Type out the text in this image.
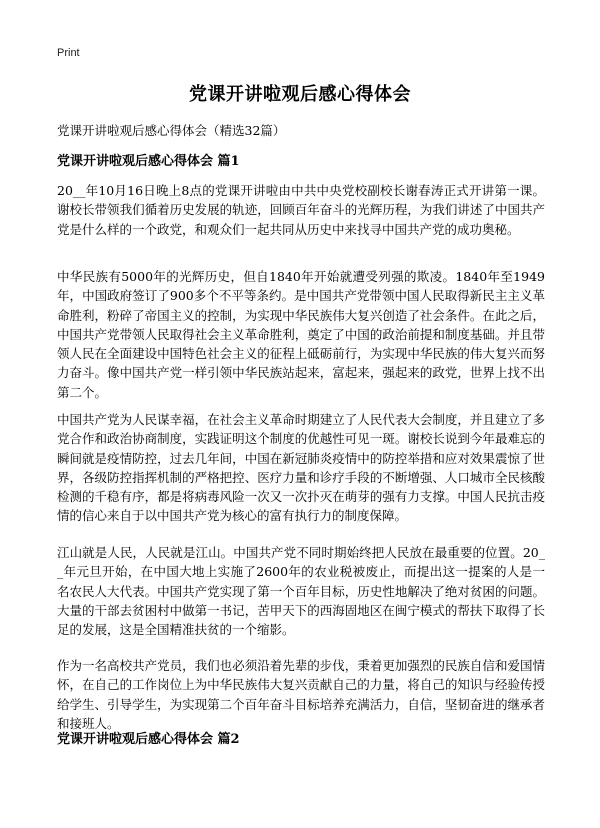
Print
党课开讲啦观后感心得体会
党课开讲啦观后感心得体会（精选32篇）
党课开讲啦观后感心得体会 篇1
20__年10月16日晚上8点的党课开讲啦由中共中央党校副校长谢春涛正式开讲第一课。谢校长带领我们循着历史发展的轨迹，回顾百年奋斗的光辉历程，为我们讲述了中国共产党是什么样的一个政党，和观众们一起共同从历史中来找寻中国共产党的成功奥秘。
中华民族有5000年的光辉历史，但自1840年开始就遭受列强的欺凌。1840年至1949年，中国政府签订了900多个不平等条约。是中国共产党带领中国人民取得新民主主义革命胜利，粉碎了帝国主义的控制，为实现中华民族伟大复兴创造了社会条件。在此之后，中国共产党带领人民取得社会主义革命胜利，奠定了中国的政治前提和制度基础。并且带领人民在全面建设中国特色社会主义的征程上砥砺前行，为实现中华民族的伟大复兴而努力奋斗。像中国共产党一样引领中华民族站起来，富起来，强起来的政党，世界上找不出第二个。
中国共产党为人民谋幸福，在社会主义革命时期建立了人民代表大会制度，并且建立了多党合作和政治协商制度，实践证明这个制度的优越性可见一斑。谢校长说到今年最难忘的瞬间就是疫情防控，过去几年间，中国在新冠肺炎疫情中的防控举措和应对效果震惊了世界，各级防控指挥机制的严格把控、医疗力量和诊疗手段的不断增强、人口城市全民核酸检测的千稳有序，都是将病毒风险一次又一次扑灭在萌芽的强有力支撑。中国人民抗击疫情的信心来自于以中国共产党为核心的富有执行力的制度保障。
江山就是人民，人民就是江山。中国共产党不同时期始终把人民放在最重要的位置。20__年元旦开始，在中国大地上实施了2600年的农业税被废止，而提出这一提案的人是一名农民人大代表。中国共产党实现了第一个百年目标，历史性地解决了绝对贫困的问题。大量的干部去贫困村中做第一书记，苦甲天下的西海固地区在闽宁模式的帮扶下取得了长足的发展，这是全国精准扶贫的一个缩影。
作为一名高校共产党员，我们也必须沿着先辈的步伐，秉着更加强烈的民族自信和爱国情怀，在自己的工作岗位上为中华民族伟大复兴贡献自己的力量，将自己的知识与经验传授给学生、引导学生，为实现第二个百年奋斗目标培养充满活力，自信，坚韧奋进的继承者和接班人。
党课开讲啦观后感心得体会 篇2
